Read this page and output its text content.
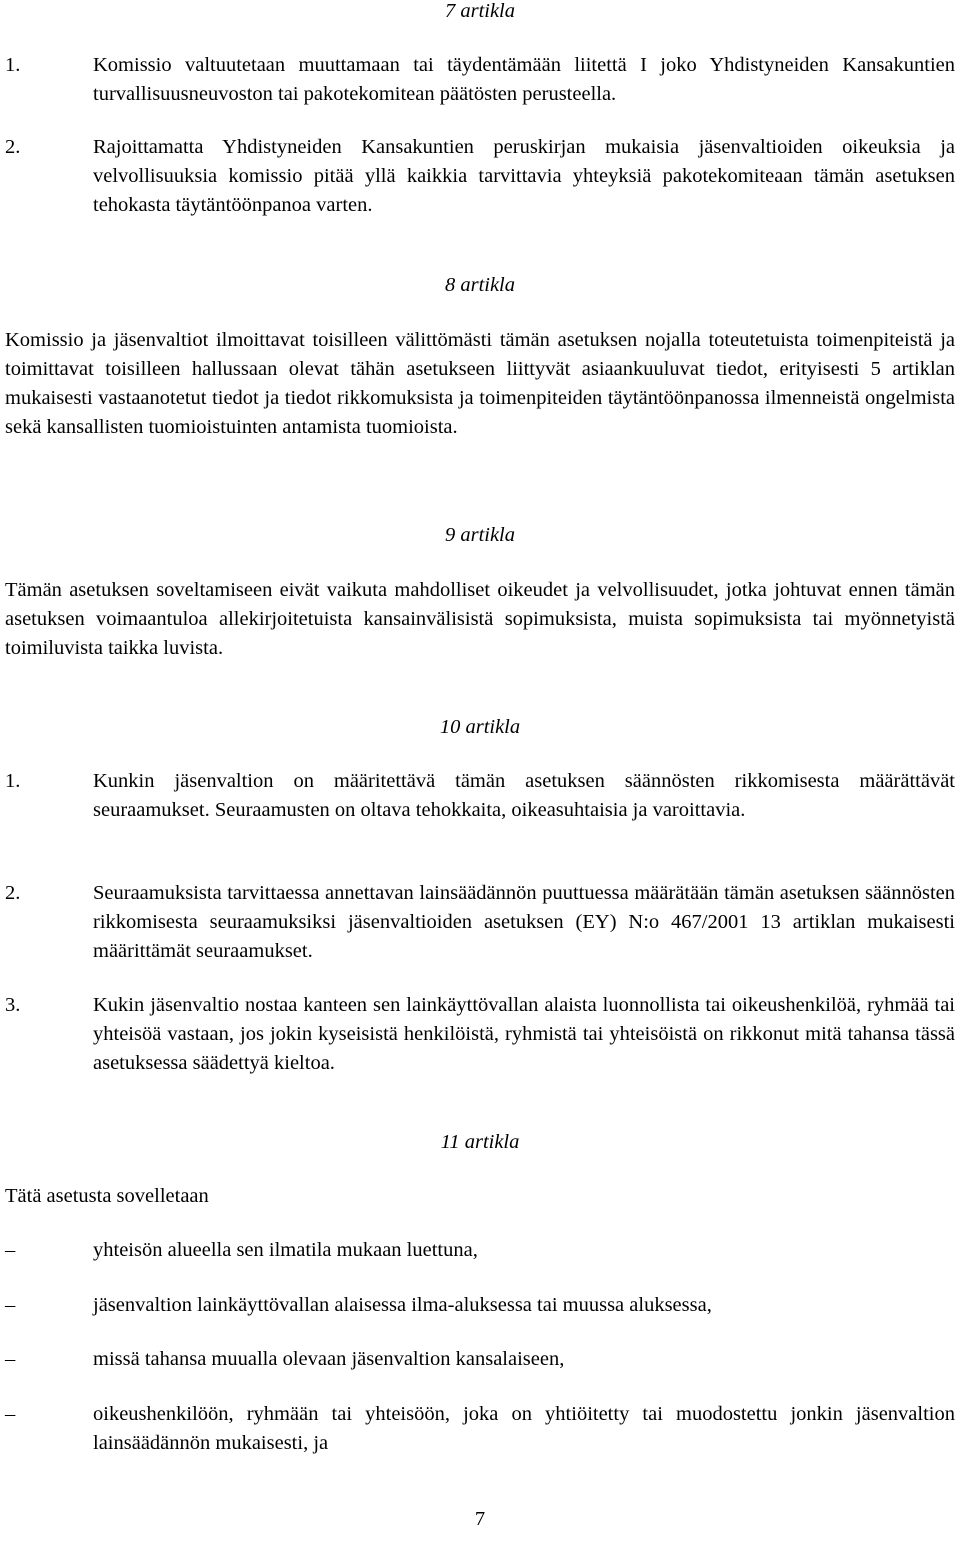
7 artikla
1.	Komissio valtuutetaan muuttamaan tai täydentämään liitettä I joko Yhdistyneiden Kansakuntien turvallisuusneuvoston tai pakotekomitean päätösten perusteella.
2.	Rajoittamatta Yhdistyneiden Kansakuntien peruskirjan mukaisia jäsenvaltioiden oikeuksia ja velvollisuuksia komissio pitää yllä kaikkia tarvittavia yhteyksiä pakotekomiteaan tämän asetuksen tehokasta täytäntöönpanoa varten.
8 artikla
Komissio ja jäsenvaltiot ilmoittavat toisilleen välittömästi tämän asetuksen nojalla toteutetuista toimenpiteistä ja toimittavat toisilleen hallussaan olevat tähän asetukseen liittyvät asiaankuuluvat tiedot, erityisesti 5 artiklan mukaisesti vastaanotetut tiedot ja tiedot rikkomuksista ja toimenpiteiden täytäntöönpanossa ilmenneistä ongelmista sekä kansallisten tuomioistuinten antamista tuomioista.
9 artikla
Tämän asetuksen soveltamiseen eivät vaikuta mahdolliset oikeudet ja velvollisuudet, jotka johtuvat ennen tämän asetuksen voimaantuloa allekirjoitetuista kansainvälisistä sopimuksista, muista sopimuksista tai myönnetyistä toimiluvista taikka luvista.
10 artikla
1.	Kunkin jäsenvaltion on määritettävä tämän asetuksen säännösten rikkomisesta määrättävät seuraamukset. Seuraamusten on oltava tehokkaita, oikeasuhtaisia ja varoittavia.
2.	Seuraamuksista tarvittaessa annettavan lainsäädännön puuttuessa määrätään tämän asetuksen säännösten rikkomisesta seuraamuksiksi jäsenvaltioiden asetuksen (EY) N:o 467/2001 13 artiklan mukaisesti määrittämät seuraamukset.
3.	Kukin jäsenvaltio nostaa kanteen sen lainkäyttövallan alaista luonnollista tai oikeushenkilöä, ryhmää tai yhteisöä vastaan, jos jokin kyseisistä henkilöistä, ryhmistä tai yhteisöistä on rikkonut mitä tahansa tässä asetuksessa säädettyä kieltoa.
11 artikla
Tätä asetusta sovelletaan
–	yhteisön alueella sen ilmatila mukaan luettuna,
–	jäsenvaltion lainkäyttövallan alaisessa ilma-aluksessa tai muussa aluksessa,
–	missä tahansa muualla olevaan jäsenvaltion kansalaiseen,
–	oikeushenkilöön, ryhmään tai yhteisöön, joka on yhtiöitetty tai muodostettu jonkin jäsenvaltion lainsäädännön mukaisesti, ja
7
